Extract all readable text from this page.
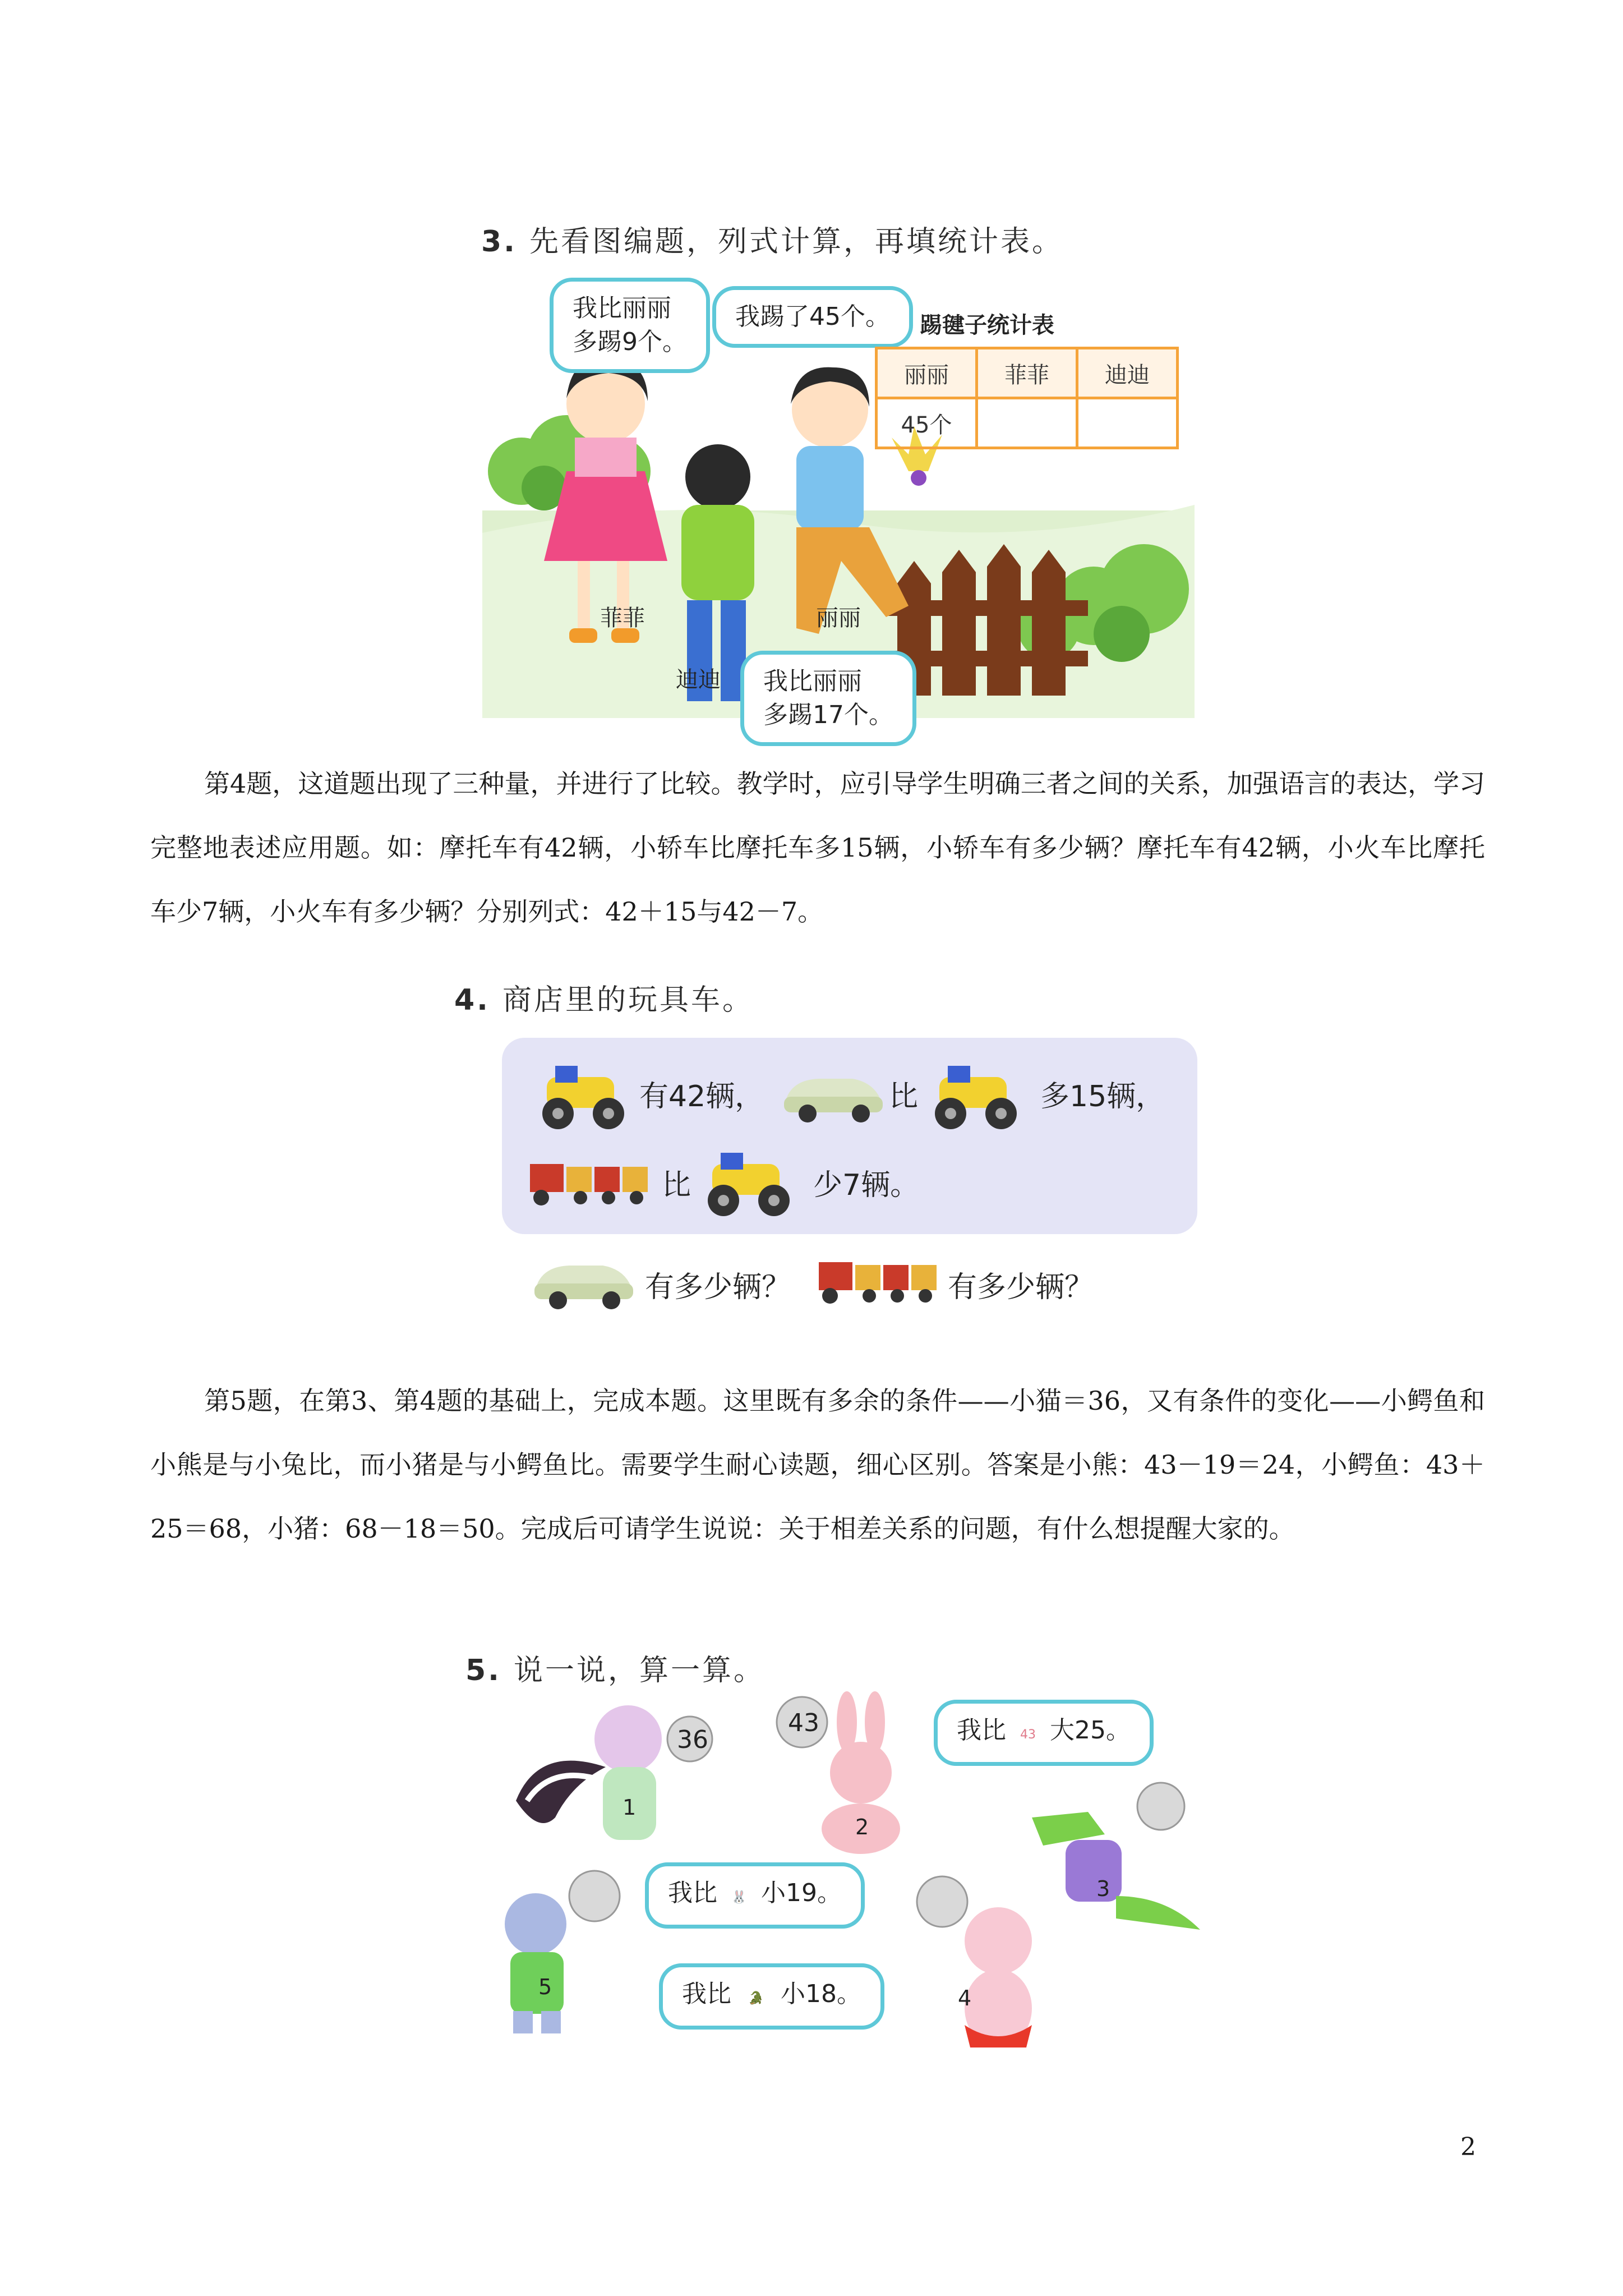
3. 先看图编题，列式计算，再填统计表。
我比丽丽
多踢9个。
我踢了45个。
我比丽丽
多踢17个。
菲菲	丽丽
迪迪
踢毽子统计表
丽丽	菲菲	迪迪
45个		

第4题，这道题出现了三种量，并进行了比较。教学时，应引导学生明确三者之间的关系，加强语言的表达，学习完整地表述应用题。如：摩托车有42辆，小轿车比摩托车多15辆，小轿车有多少辆？摩托车有42辆，小火车比摩托车少7辆，小火车有多少辆？分别列式：42＋15与42－7。

4. 商店里的玩具车。
有42辆，	比	多15辆，
比	少7辆。
有多少辆？	有多少辆？

第5题，在第3、第4题的基础上，完成本题。这里既有多余的条件——小猫＝36，又有条件的变化——小鳄鱼和小熊是与小兔比，而小猪是与小鳄鱼比。需要学生耐心读题，细心区别。答案是小熊：43－19＝24，小鳄鱼：43＋25＝68，小猪：68－18＝50。完成后可请学生说说：关于相差关系的问题，有什么想提醒大家的。

5. 说一说，算一算。
36
1
43
2
我比 43 大25。
3
5
我比 🐰 小19。
我比 🐊 小18。	4
2
